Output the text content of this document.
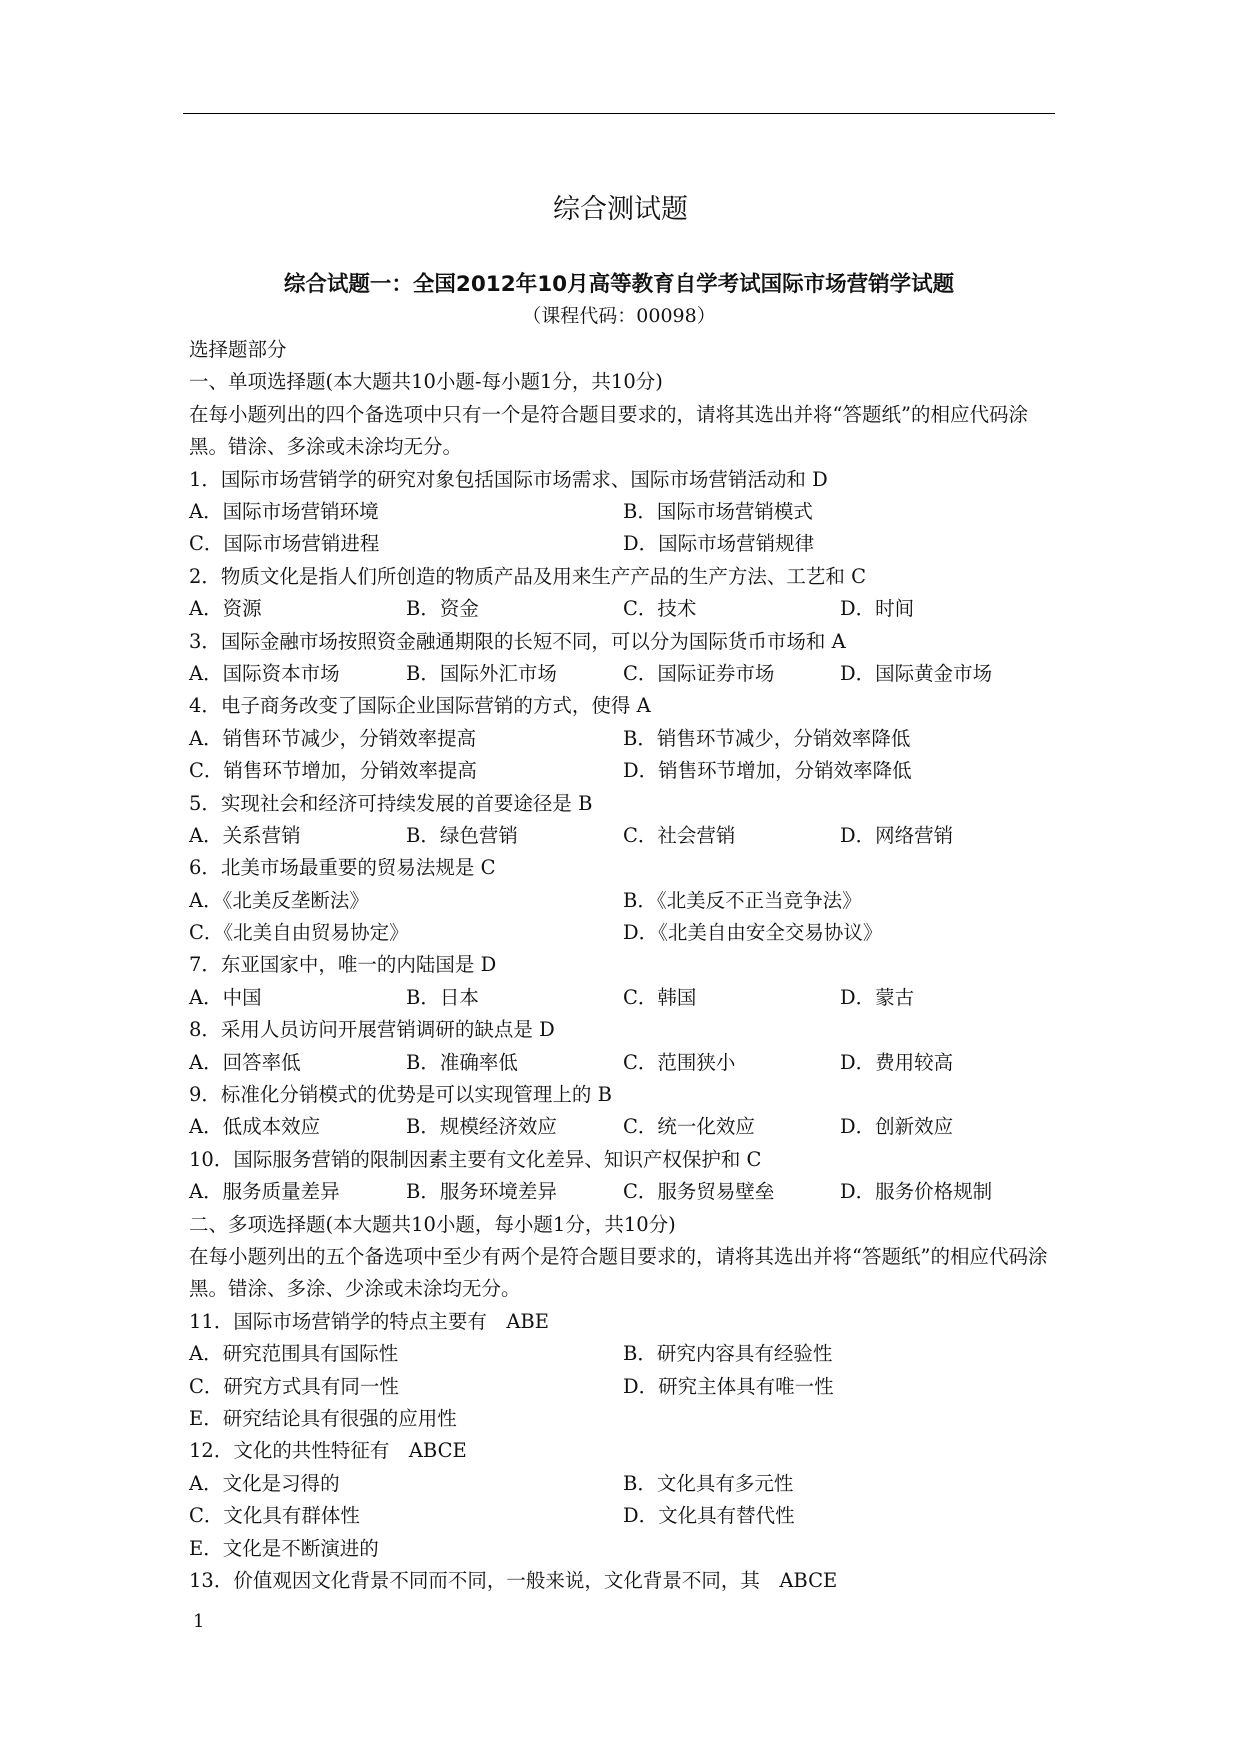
综合测试题
综合试题一：全国2012年10月高等教育自学考试国际市场营销学试题
（课程代码：00098）
选择题部分
一、单项选择题(本大题共10小题-每小题1分，共10分)
在每小题列出的四个备选项中只有一个是符合题目要求的，请将其选出并将“答题纸”的相应代码涂黑。错涂、多涂或未涂均无分。
1．国际市场营销学的研究对象包括国际市场需求、国际市场营销活动和 D
A．国际市场营销环境	B．国际市场营销模式
C．国际市场营销进程	D．国际市场营销规律
2．物质文化是指人们所创造的物质产品及用来生产产品的生产方法、工艺和 C
A．资源	B．资金	C．技术	D．时间
3．国际金融市场按照资金融通期限的长短不同，可以分为国际货币市场和 A
A．国际资本市场	B．国际外汇市场	C．国际证券市场	D．国际黄金市场
4．电子商务改变了国际企业国际营销的方式，使得 A
A．销售环节减少，分销效率提高	B．销售环节减少，分销效率降低
C．销售环节增加，分销效率提高	D．销售环节增加，分销效率降低
5．实现社会和经济可持续发展的首要途径是 B
A．关系营销	B．绿色营销	C．社会营销	D．网络营销
6．北美市场最重要的贸易法规是 C
A．《北美反垄断法》	B．《北美反不正当竞争法》
C．《北美自由贸易协定》	D．《北美自由安全交易协议》
7．东亚国家中，唯一的内陆国是 D
A．中国	B．日本	C．韩国	D．蒙古
8．采用人员访问开展营销调研的缺点是 D
A．回答率低	B．准确率低	C．范围狭小	D．费用较高
9．标准化分销模式的优势是可以实现管理上的 B
A．低成本效应	B．规模经济效应	C．统一化效应	D．创新效应
10．国际服务营销的限制因素主要有文化差异、知识产权保护和 C
A．服务质量差异	B．服务环境差异	C．服务贸易壁垒	D．服务价格规制
二、多项选择题(本大题共10小题，每小题1分，共10分)
在每小题列出的五个备选项中至少有两个是符合题目要求的，请将其选出并将“答题纸”的相应代码涂黑。错涂、多涂、少涂或未涂均无分。
11．国际市场营销学的特点主要有　ABE
A．研究范围具有国际性	B．研究内容具有经验性
C．研究方式具有同一性	D．研究主体具有唯一性
E．研究结论具有很强的应用性
12．文化的共性特征有　ABCE
A．文化是习得的	B．文化具有多元性
C．文化具有群体性	D．文化具有替代性
E．文化是不断演进的
13．价值观因文化背景不同而不同，一般来说，文化背景不同，其　ABCE
1
